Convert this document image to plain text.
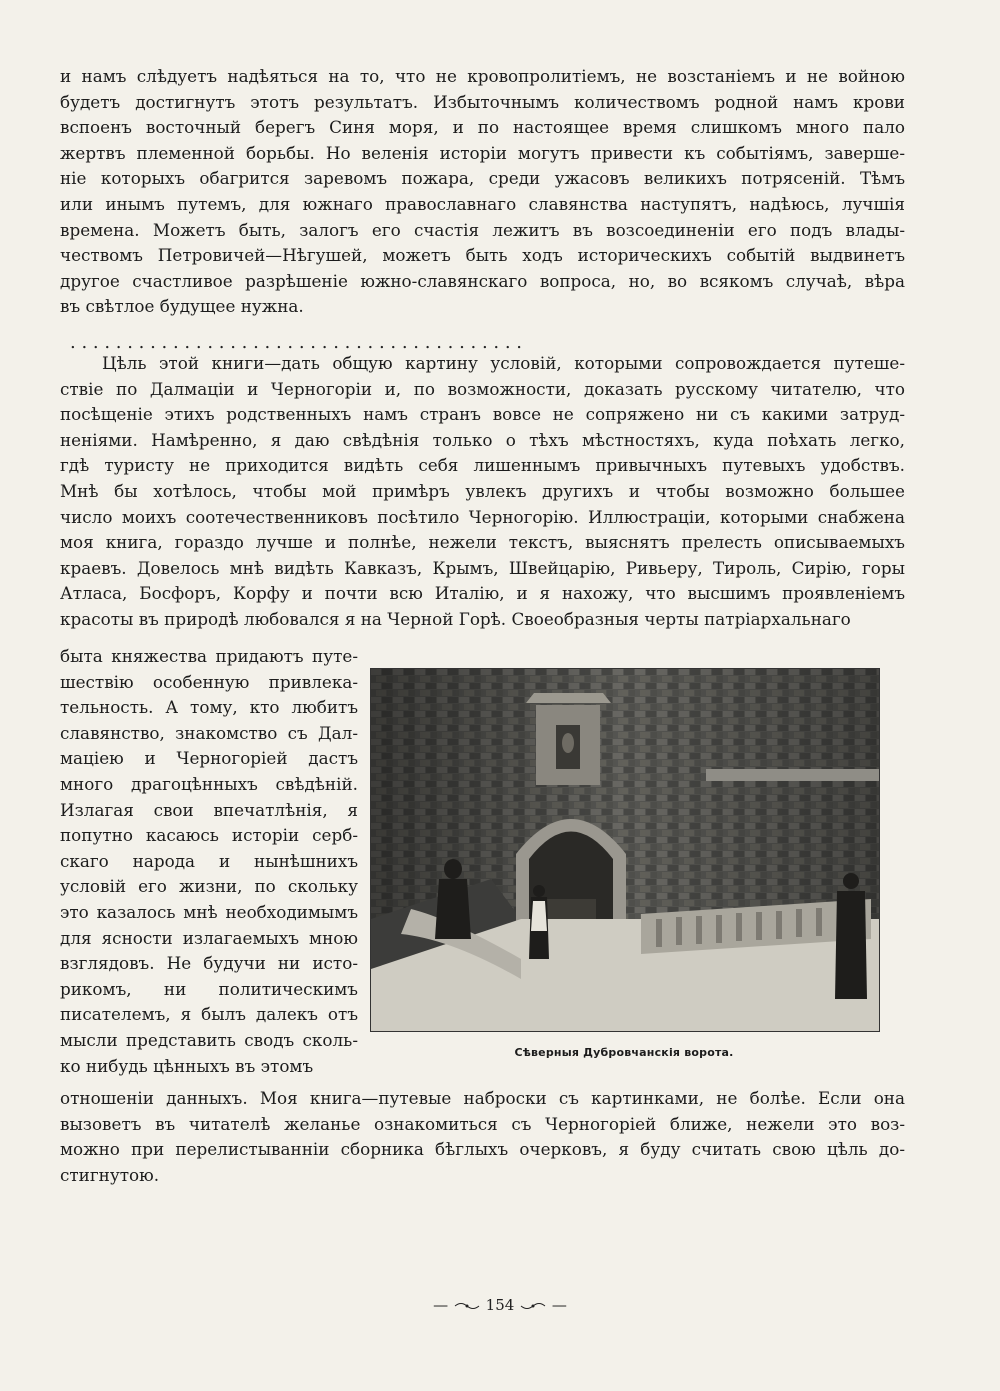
и намъ слѣдуетъ надѣяться на то, что не кровопролитiемъ, не возстанiемъ и не войною
будетъ достигнутъ этотъ результатъ. Избыточнымъ количествомъ родной намъ крови
вспоенъ восточный берегъ Синя моря, и по настоящее время слишкомъ много пало
жертвъ племенной борьбы. Но веленiя исторiи могутъ привести къ событiямъ, заверше-
нiе которыхъ обагрится заревомъ пожара, среди ужасовъ великихъ потрясенiй. Тѣмъ
или инымъ путемъ, для южнаго православнаго славянства наступятъ, надѣюсь, лучшiя
времена. Можетъ быть, залогъ его счастiя лежитъ въ возсоединенiи его подъ влады-
чествомъ Петровичей—Нѣгушей, можетъ быть ходъ историческихъ событiй выдвинетъ
другое счастливое разрѣшенiе южно-славянскаго вопроса, но, во всякомъ случаѣ, вѣра
въ свѣтлое будущее нужна.

. . . . . . . . . . . . . . . . . . . . . . . . . . . . . . . . . . . . . . . .

Цѣль этой книги—дать общую картину условiй, которыми сопровождается путеше-
ствiе по Далмацiи и Черногорiи и, по возможности, доказать русскому читателю, что
посѣщенiе этихъ родственныхъ намъ странъ вовсе не сопряжено ни съ какими затруд-
ненiями. Намѣренно, я даю свѣдѣнiя только о тѣхъ мѣстностяхъ, куда поѣхать легко,
гдѣ туристу не приходится видѣть себя лишеннымъ привычныхъ путевыхъ удобствъ.
Мнѣ бы хотѣлось, чтобы мой примѣръ увлекъ другихъ и чтобы возможно большее
число моихъ соотечественниковъ посѣтило Черногорiю. Иллюстрацiи, которыми снабжена
моя книга, гораздо лучше и полнѣе, нежели текстъ, выяснятъ прелесть описываемыхъ
краевъ. Довелось мнѣ видѣть Кавказъ, Крымъ, Швейцарiю, Ривьеру, Тироль, Сирiю, горы
Атласа, Босфоръ, Корфу и почти всю Италiю, и я нахожу, что высшимъ проявленiемъ
красоты въ природѣ любовался я на Черной Горѣ. Своеобразныя черты патрiархальнаго

быта княжества придаютъ путе-
шествiю особенную привлека-
тельность. А тому, кто любитъ
славянство, знакомство съ Дал-
мацiею и Черногорiей дастъ
много драгоцѣнныхъ свѣдѣнiй.
Излагая свои впечатлѣнiя, я
попутно касаюсь исторiи серб-
скаго народа и нынѣшнихъ
условiй его жизни, по скольку
это казалось мнѣ необходимымъ
для ясности излагаемыхъ мною
взглядовъ. Не будучи ни исто-
рикомъ, ни политическимъ
писателемъ, я былъ далекъ отъ
мысли представить сводъ сколь-
ко нибудь цѣнныхъ въ этомъ

Сѣверныя Дубровчанскiя ворота.

отношенiи данныхъ. Моя книга—путевые наброски съ картинками, не болѣе. Если она
вызоветъ въ читателѣ желанье ознакомиться съ Черногорiей ближе, нежели это воз-
можно при перелистываннiи сборника бѣглыхъ очерковъ, я буду считать свою цѣль до-
стигнутою.

—	154	—
